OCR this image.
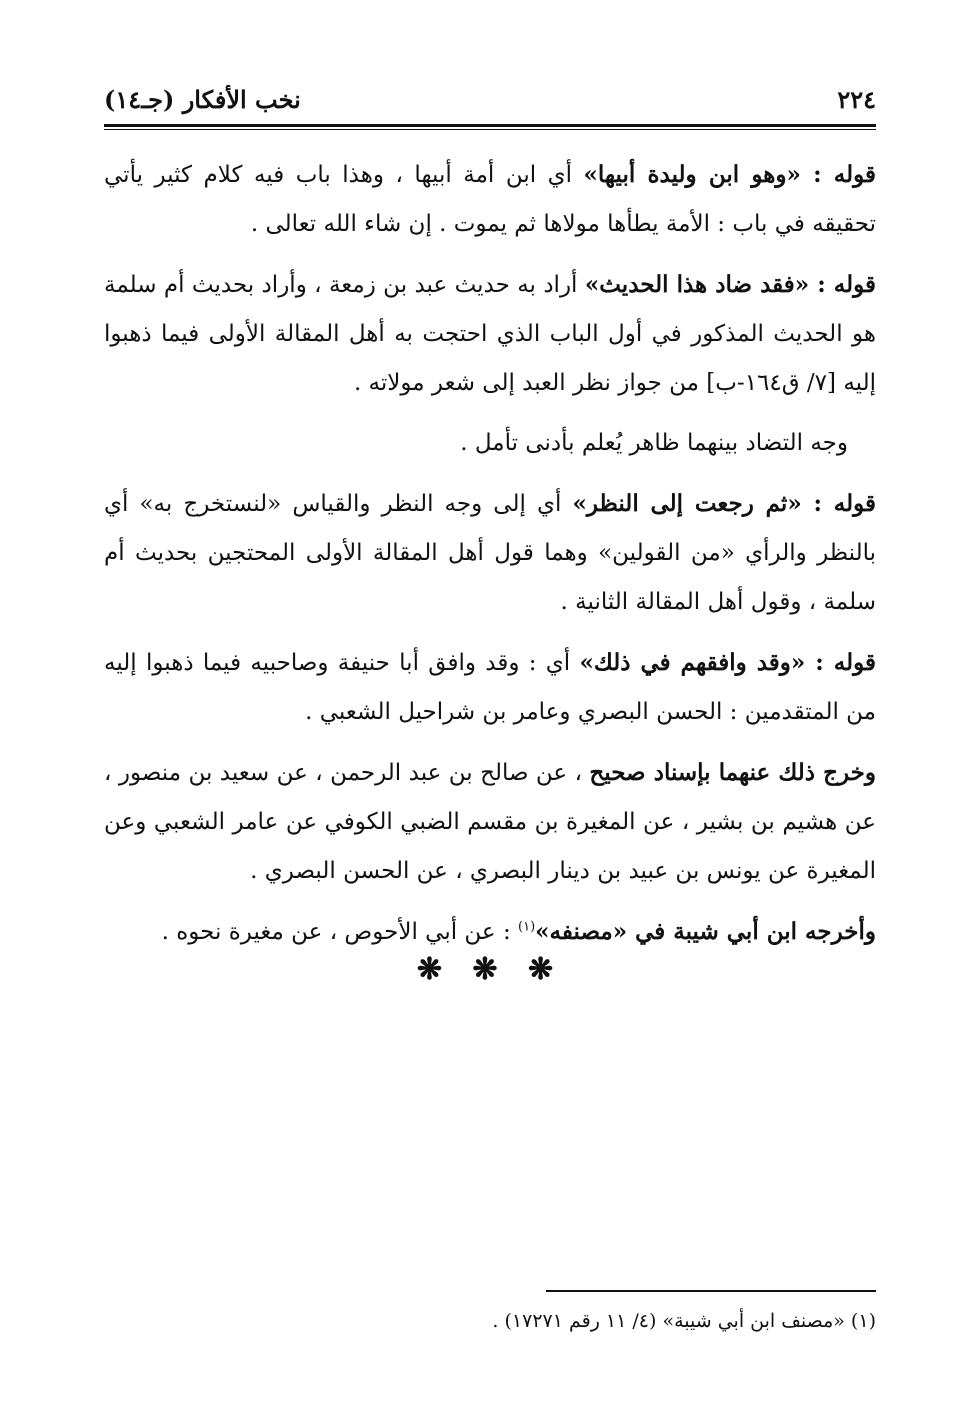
٢٢٤
نخب الأفكار (جـ١٤)

قوله : «وهو ابن وليدة أبيها» أي ابن أمة أبيها ، وهذا باب فيه كلام كثير يأتي تحقيقه في باب : الأمة يطأها مولاها ثم يموت . إن شاء الله تعالى .

قوله : «فقد ضاد هذا الحديث» أراد به حديث عبد بن زمعة ، وأراد بحديث أم سلمة هو الحديث المذكور في أول الباب الذي احتجت به أهل المقالة الأولى فيما ذهبوا إليه [٧/ ق١٦٤-ب] من جواز نظر العبد إلى شعر مولاته .

وجه التضاد بينهما ظاهر يُعلم بأدنى تأمل .

قوله : «ثم رجعت إلى النظر» أي إلى وجه النظر والقياس «لنستخرج به» أي بالنظر والرأي «من القولين» وهما قول أهل المقالة الأولى المحتجين بحديث أم سلمة ، وقول أهل المقالة الثانية .

قوله : «وقد وافقهم في ذلك» أي : وقد وافق أبا حنيفة وصاحبيه فيما ذهبوا إليه من المتقدمين : الحسن البصري وعامر بن شراحيل الشعبي .

وخرج ذلك عنهما بإسناد صحيح ، عن صالح بن عبد الرحمن ، عن سعيد بن منصور ، عن هشيم بن بشير ، عن المغيرة بن مقسم الضبي الكوفي عن عامر الشعبي وعن المغيرة عن يونس بن عبيد بن دينار البصري ، عن الحسن البصري .

وأخرجه ابن أبي شيبة في «مصنفه»$^{(١)}$ : عن أبي الأحوص ، عن مغيرة نحوه .

❋ ❋ ❋
(١) «مصنف ابن أبي شيبة» (٤/ ١١ رقم ١٧٢٧١) .
